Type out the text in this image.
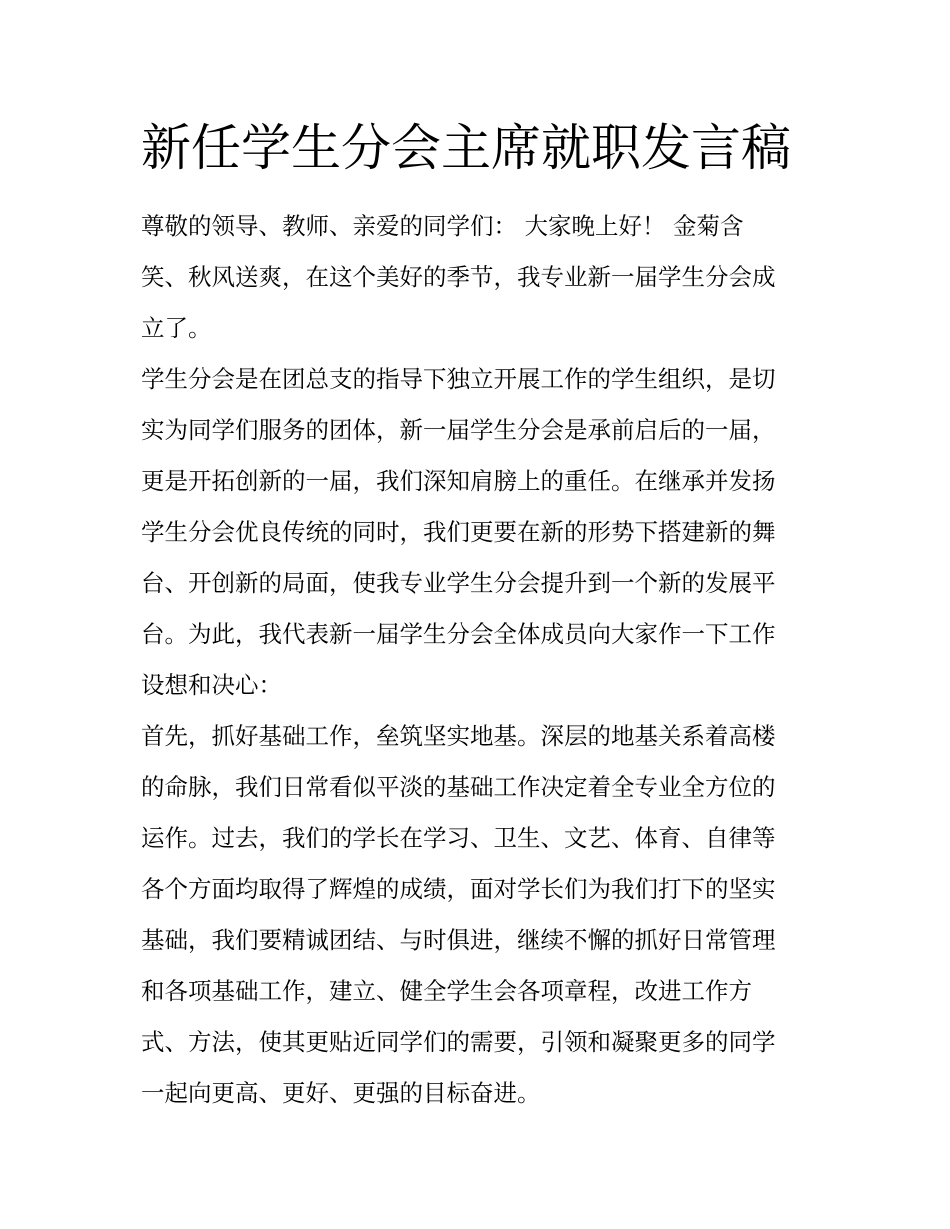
新任学生分会主席就职发言稿
尊敬的领导、教师、亲爱的同学们： 大家晚上好！ 金菊含
笑、秋风送爽，在这个美好的季节，我专业新一届学生分会成
立了。
学生分会是在团总支的指导下独立开展工作的学生组织，是切
实为同学们服务的团体，新一届学生分会是承前启后的一届，
更是开拓创新的一届，我们深知肩膀上的重任。在继承并发扬
学生分会优良传统的同时，我们更要在新的形势下搭建新的舞
台、开创新的局面，使我专业学生分会提升到一个新的发展平
台。为此，我代表新一届学生分会全体成员向大家作一下工作
设想和决心：
首先，抓好基础工作，垒筑坚实地基。深层的地基关系着高楼
的命脉，我们日常看似平淡的基础工作决定着全专业全方位的
运作。过去，我们的学长在学习、卫生、文艺、体育、自律等
各个方面均取得了辉煌的成绩，面对学长们为我们打下的坚实
基础，我们要精诚团结、与时俱进，继续不懈的抓好日常管理
和各项基础工作，建立、健全学生会各项章程，改进工作方
式、方法，使其更贴近同学们的需要，引领和凝聚更多的同学
一起向更高、更好、更强的目标奋进。
